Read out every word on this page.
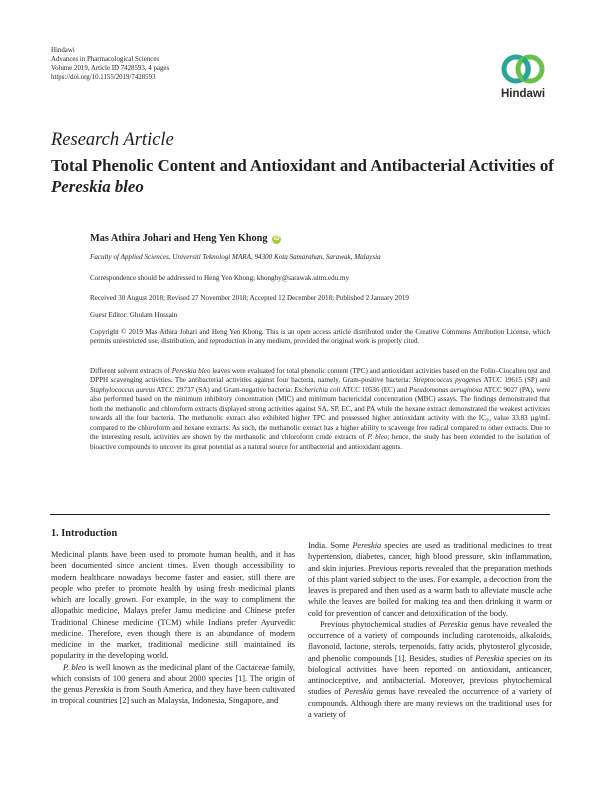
Hindawi
Advances in Pharmacological Sciences
Volume 2019, Article ID 7428593, 4 pages
https://doi.org/10.1155/2019/7428593
Hindawi
Research Article
Total Phenolic Content and Antioxidant and Antibacterial Activities of Pereskia bleo
Mas Athira Johari and Heng Yen Khong iD
Faculty of Applied Sciences, Universiti Teknologi MARA, 94300 Kota Samarahan, Sarawak, Malaysia
Correspondence should be addressed to Heng Yen Khong; khonghy@sarawak.uitm.edu.my
Received 30 August 2018; Revised 27 November 2018; Accepted 12 December 2018; Published 2 January 2019
Guest Editor: Ghulam Hussain

Copyright © 2019 Mas Athira Johari and Heng Yen Khong. This is an open access article distributed under the Creative Commons Attribution License, which permits unrestricted use, distribution, and reproduction in any medium, provided the original work is properly cited.

Different solvent extracts of Pereskia bleo leaves were evaluated for total phenolic content (TPC) and antioxidant activities based on the Folin–Ciocalteu test and DPPH scavenging activities. The antibacterial activities against four bacteria, namely, Gram-positive bacteria: Streptococcus pyogenes ATCC 19615 (SP) and Staphylococcus aureus ATCC 29737 (SA) and Gram-negative bacteria: Escherichia coli ATCC 10536 (EC) and Pseudomonas aeruginosa ATCC 9027 (PA), were also performed based on the minimum inhibitory concentration (MIC) and minimum bactericidal concentration (MBC) assays. The findings demonstrated that both the methanolic and chloroform extracts displayed strong activities against SA, SP, EC, and PA while the hexane extract demonstrated the weakest activities towards all the four bacteria. The methanolic extract also exhibited higher TPC and possessed higher antioxidant activity with the IC₅₀ value 33.83 µg/mL compared to the chloroform and hexane extracts. As such, the methanolic extract has a higher ability to scavenge free radical compared to other extracts. Due to the interesting result, activities are shown by the methanolic and chloroform crude extracts of P. bleo; hence, the study has been extended to the isolation of bioactive compounds to uncover its great potential as a natural source for antibacterial and antioxidant agents.

1. Introduction

Medicinal plants have been used to promote human health, and it has been documented since ancient times. Even though accessibility to modern healthcare nowadays become faster and easier, still there are people who prefer to promote health by using fresh medicinal plants which are locally grown. For example, in the way to compliment the allopathic medicine, Malays prefer Jamu medicine and Chinese prefer Traditional Chinese medicine (TCM) while Indians prefer Ayurvedic medicine. Therefore, even though there is an abundance of modern medicine in the market, traditional medicine still maintained its popularity in the developing world.

P. bleo is well known as the medicinal plant of the Cactaceae family, which consists of 100 genera and about 2000 species [1]. The origin of the genus Pereskia is from South America, and they have been cultivated in tropical countries [2] such as Malaysia, Indonesia, Singapore, and

India. Some Pereskia species are used as traditional medicines to treat hypertension, diabetes, cancer, high blood pressure, skin inflammation, and skin injuries. Previous reports revealed that the preparation methods of this plant varied subject to the uses. For example, a decoction from the leaves is prepared and then used as a warm bath to alleviate muscle ache while the leaves are boiled for making tea and then drinking it warm or cold for prevention of cancer and detoxification of the body.

Previous phytochemical studies of Pereskia genus have revealed the occurrence of a variety of compounds including carotenoids, alkaloids, flavonoid, lactone, sterols, terpenoids, fatty acids, phytosterol glycoside, and phenolic compounds [1]. Besides, studies of Pereskia species on its biological activities have been reported on antioxidant, anticancer, antinociceptive, and antibacterial. Moreover, previous phytochemical studies of Pereskia genus have revealed the occurrence of a variety of compounds. Although there are many reviews on the traditional uses for a variety of
